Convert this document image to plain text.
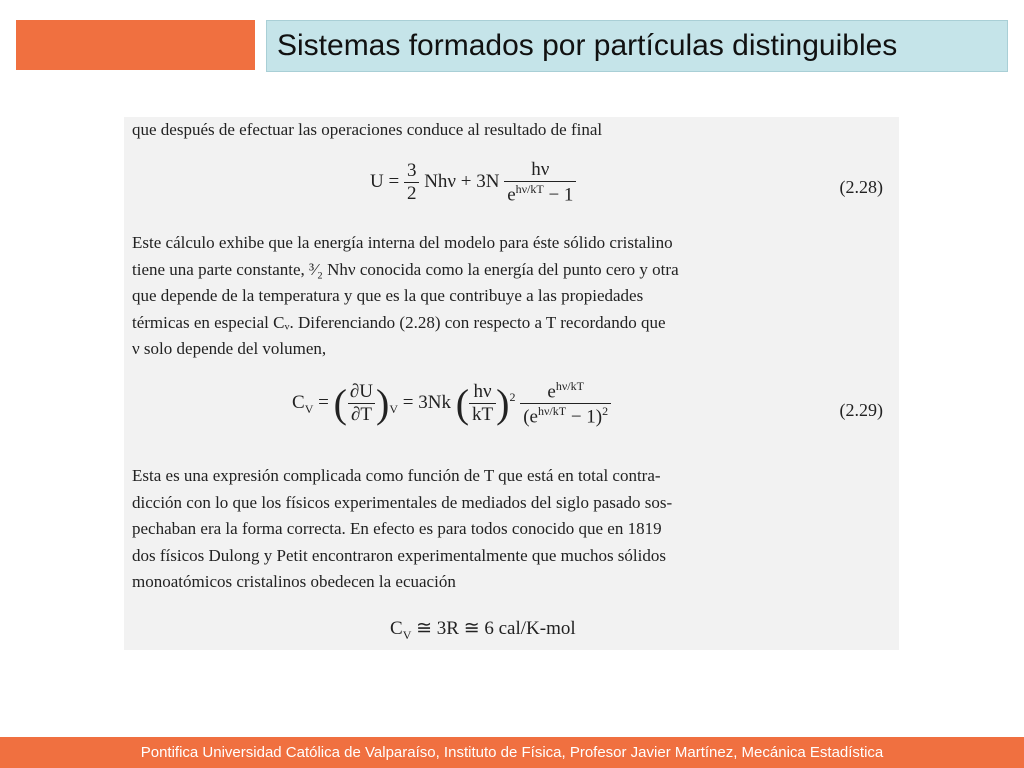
Sistemas formados por partículas distinguibles
que después de efectuar las operaciones conduce al resultado de final
$U = \frac{3}{2}$ $Nh\nu + 3N \frac{h\nu}{e^{h\nu/kT} - 1}$	(2.28)
Este cálculo exhibe que la energía interna del modelo para éste sólido cristalino
tiene una parte constante, ³⁄₂ Nhν conocida como la energía del punto cero y otra
que depende de la temperatura y que es la que contribuye a las propiedades
térmicas en especial Cᵥ. Diferenciando (2.28) con respecto a T recordando que
ν solo depende del volumen,
$C_V$ = ( $\frac{\partial U}{\partial T} )_V = 3Nk$ ( $\frac{h\nu}{kT} )^2 \frac{e^{h\nu/kT}}{(e^{h\nu/kT} - 1)^2}$	(2.29)
Esta es una expresión complicada como función de T que está en total contra-
dicción con lo que los físicos experimentales de mediados del siglo pasado sos-
pechaban era la forma correcta. En efecto es para todos conocido que en 1819
dos físicos Dulong y Petit encontraron experimentalmente que muchos sólidos
monoatómicos cristalinos obedecen la ecuación
$C_V$ ≅ 3R ≅ 6 cal/K-mol
Pontifica Universidad Católica de Valparaíso, Instituto de Física, Profesor Javier Martínez, Mecánica Estadística
